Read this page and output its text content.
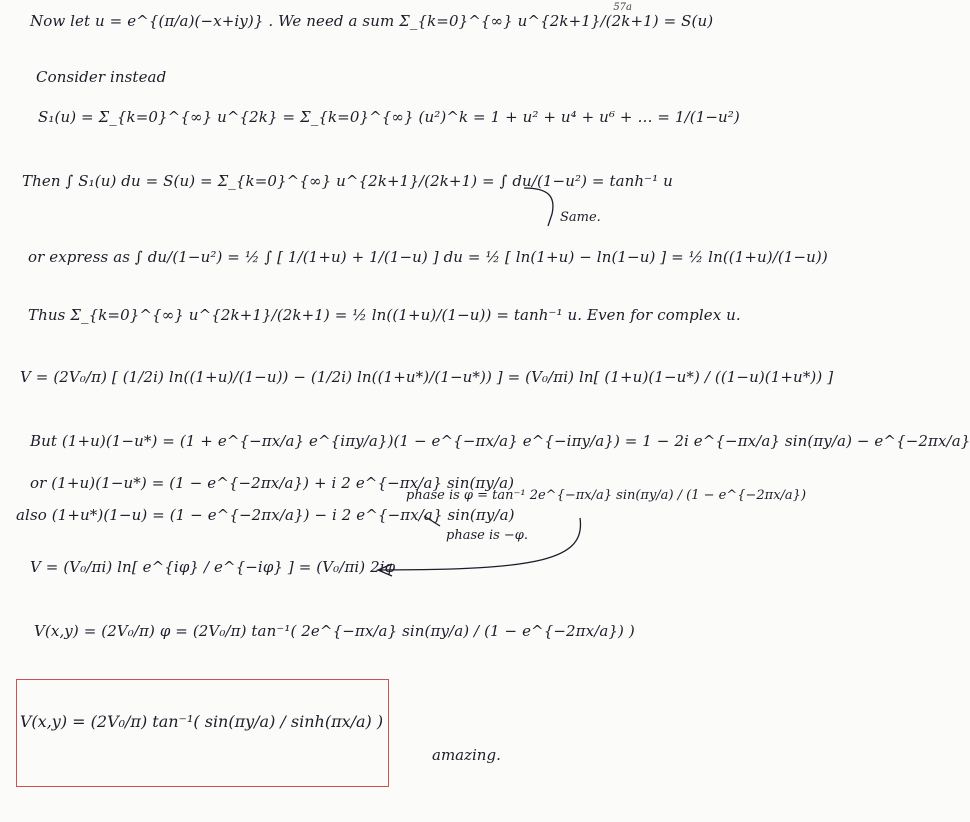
57a
Now let u = e^{(π/a)(−x+iy)} . We need a sum Σ_{k=0}^{∞} u^{2k+1}/(2k+1) = S(u)
Consider instead
S₁(u) = Σ_{k=0}^{∞} u^{2k} = Σ_{k=0}^{∞} (u²)^k = 1 + u² + u⁴ + u⁶ + … = 1/(1−u²)
Then ∫ S₁(u) du = S(u) = Σ_{k=0}^{∞} u^{2k+1}/(2k+1) = ∫ du/(1−u²) = tanh⁻¹ u
or express as ∫ du/(1−u²) = ½ ∫ [ 1/(1+u) + 1/(1−u) ] du = ½ [ ln(1+u) − ln(1−u) ] = ½ ln((1+u)/(1−u))
Thus Σ_{k=0}^{∞} u^{2k+1}/(2k+1) = ½ ln((1+u)/(1−u)) = tanh⁻¹ u. Even for complex u.
V = (2V₀/π) [ (1/2i) ln((1+u)/(1−u)) − (1/2i) ln((1+u*)/(1−u*)) ] = (V₀/πi) ln[ (1+u)(1−u*) / ((1−u)(1+u*)) ]
But (1+u)(1−u*) = (1 + e^{−πx/a} e^{iπy/a})(1 − e^{−πx/a} e^{−iπy/a}) = 1 − 2i e^{−πx/a} sin(πy/a) − e^{−2πx/a}
or (1+u)(1−u*) = (1 − e^{−2πx/a}) + i 2 e^{−πx/a} sin(πy/a)
also (1+u*)(1−u) = (1 − e^{−2πx/a}) − i 2 e^{−πx/a} sin(πy/a)
V = (V₀/πi) ln[ e^{iφ} / e^{−iφ} ] = (V₀/πi) 2iφ
V(x,y) = (2V₀/π) φ = (2V₀/π) tan⁻¹( 2e^{−πx/a} sin(πy/a) / (1 − e^{−2πx/a}) )
Same.
phase is φ = tan⁻¹ 2e^{−πx/a} sin(πy/a) / (1 − e^{−2πx/a})
phase is −φ.
V(x,y) = (2V₀/π) tan⁻¹( sin(πy/a) / sinh(πx/a) )
amazing.
